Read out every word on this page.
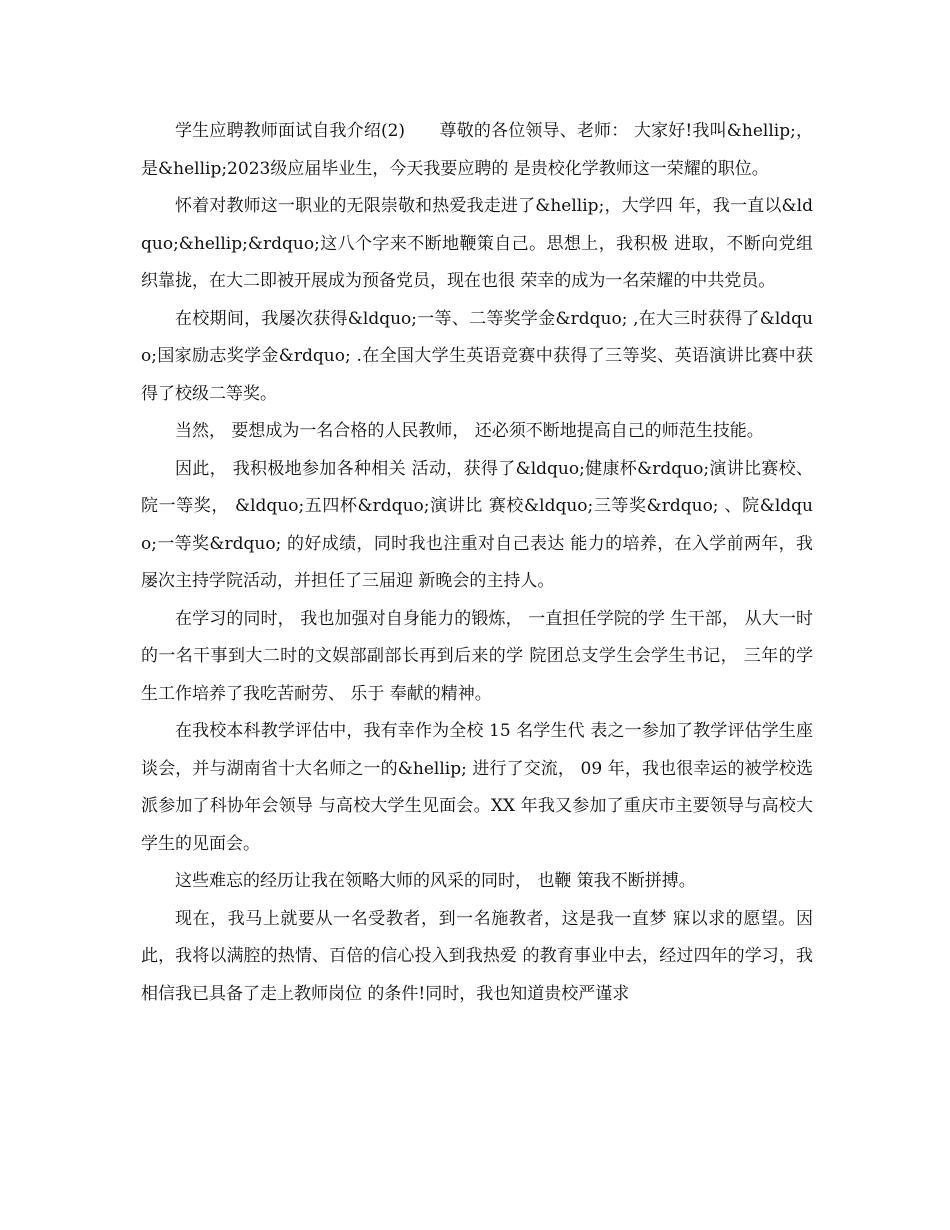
学生应聘教师面试自我介绍(2)　　尊敬的各位领导、老师： 大家好!我叫&hellip;，是&hellip;2023级应届毕业生，今天我要应聘的 是贵校化学教师这一荣耀的职位。

怀着对教师这一职业的无限崇敬和热爱我走进了&hellip;，大学四 年，我一直以&ldquo;&hellip;&rdquo;这八个字来不断地鞭策自己。思想上，我积极 进取，不断向党组织靠拢，在大二即被开展成为预备党员，现在也很 荣幸的成为一名荣耀的中共党员。

在校期间，我屡次获得&ldquo;一等、二等奖学金&rdquo; ,在大三时获得了&ldquo;国家励志奖学金&rdquo; .在全国大学生英语竞赛中获得了三等奖、英语演讲比赛中获得了校级二等奖。

当然， 要想成为一名合格的人民教师， 还必须不断地提高自己的师范生技能。

因此， 我积极地参加各种相关 活动，获得了&ldquo;健康杯&rdquo;演讲比赛校、院一等奖， &ldquo;五四杯&rdquo;演讲比 赛校&ldquo;三等奖&rdquo; 、院&ldquo;一等奖&rdquo; 的好成绩，同时我也注重对自己表达 能力的培养，在入学前两年，我屡次主持学院活动，并担任了三届迎 新晚会的主持人。

在学习的同时， 我也加强对自身能力的锻炼， 一直担任学院的学 生干部， 从大一时的一名干事到大二时的文娱部副部长再到后来的学 院团总支学生会学生书记， 三年的学生工作培养了我吃苦耐劳、 乐于 奉献的精神。

在我校本科教学评估中，我有幸作为全校 15 名学生代 表之一参加了教学评估学生座谈会，并与湖南省十大名师之一的&hellip; 进行了交流， 09 年，我也很幸运的被学校选派参加了科协年会领导 与高校大学生见面会。XX 年我又参加了重庆市主要领导与高校大 学生的见面会。

这些难忘的经历让我在领略大师的风采的同时， 也鞭 策我不断拼搏。

现在，我马上就要从一名受教者，到一名施教者，这是我一直梦 寐以求的愿望。因此，我将以满腔的热情、百倍的信心投入到我热爱 的教育事业中去，经过四年的学习，我相信我已具备了走上教师岗位 的条件!同时，我也知道贵校严谨求
